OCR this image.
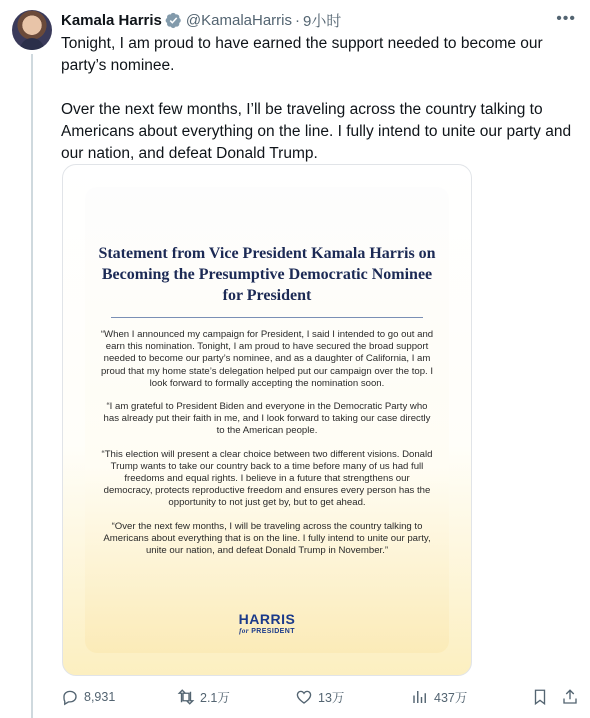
Kamala Harris @KamalaHarris · 9小时	•••

Tonight, I am proud to have earned the support needed to become our party’s nominee.

Over the next few months, I’ll be traveling across the country talking to Americans about everything on the line. I fully intend to unite our party and our nation, and defeat Donald Trump.

Statement from Vice President Kamala Harris on Becoming the Presumptive Democratic Nominee for President

“When I announced my campaign for President, I said I intended to go out and earn this nomination. Tonight, I am proud to have secured the broad support needed to become our party’s nominee, and as a daughter of California, I am proud that my home state’s delegation helped put our campaign over the top. I look forward to formally accepting the nomination soon.

“I am grateful to President Biden and everyone in the Democratic Party who has already put their faith in me, and I look forward to taking our case directly to the American people.

“This election will present a clear choice between two different visions. Donald Trump wants to take our country back to a time before many of us had full freedoms and equal rights. I believe in a future that strengthens our democracy, protects reproductive freedom and ensures every person has the opportunity to not just get by, but to get ahead.

“Over the next few months, I will be traveling across the country talking to Americans about everything that is on the line. I fully intend to unite our party, unite our nation, and defeat Donald Trump in November.”

HARRIS
for PRESIDENT
8,931	2.1万	13万	437万
